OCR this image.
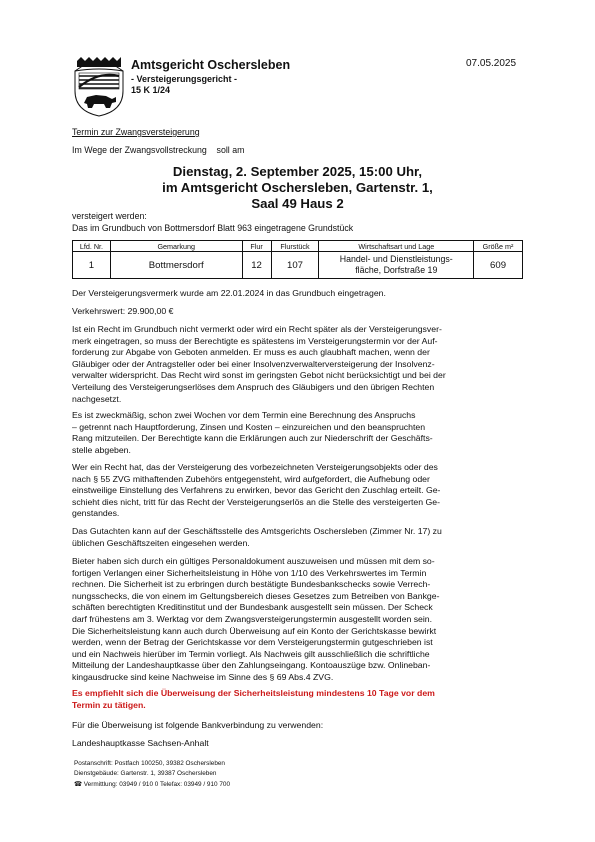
Amtsgericht Oschersleben
- Versteigerungsgericht -
15 K 1/24
07.05.2025
Termin zur Zwangsversteigerung
Im Wege der Zwangsvollstreckung    soll am
Dienstag, 2. September 2025, 15:00 Uhr,
im Amtsgericht Oschersleben, Gartenstr. 1,
Saal 49 Haus 2
versteigert werden:
Das im Grundbuch von Bottmersdorf Blatt 963 eingetragene Grundstück
Lfd. Nr.	Gemarkung	Flur	Flurstück	Wirtschaftsart und Lage	Größe m²
1	Bottmersdorf	12	107	Handel- und Dienstleistungs-
fläche, Dorfstraße 19	609
Der Versteigerungsvermerk wurde am 22.01.2024 in das Grundbuch eingetragen.
Verkehrswert: 29.900,00 €
Ist ein Recht im Grundbuch nicht vermerkt oder wird ein Recht später als der Versteigerungsver-
merk eingetragen, so muss der Berechtigte es spätestens im Versteigerungstermin vor der Auf-
forderung zur Abgabe von Geboten anmelden. Er muss es auch glaubhaft machen, wenn der
Gläubiger oder der Antragsteller oder bei einer Insolvenzverwalterversteigerung der Insolvenz-
verwalter widerspricht. Das Recht wird sonst im geringsten Gebot nicht berücksichtigt und bei der
Verteilung des Versteigerungserlöses dem Anspruch des Gläubigers und den übrigen Rechten
nachgesetzt.
Es ist zweckmäßig, schon zwei Wochen vor dem Termin eine Berechnung des Anspruchs
– getrennt nach Hauptforderung, Zinsen und Kosten – einzureichen und den beanspruchten
Rang mitzuteilen. Der Berechtigte kann die Erklärungen auch zur Niederschrift der Geschäfts-
stelle abgeben.
Wer ein Recht hat, das der Versteigerung des vorbezeichneten Versteigerungsobjekts oder des
nach § 55 ZVG mithaftenden Zubehörs entgegensteht, wird aufgefordert, die Aufhebung oder
einstweilige Einstellung des Verfahrens zu erwirken, bevor das Gericht den Zuschlag erteilt. Ge-
schieht dies nicht, tritt für das Recht der Versteigerungserlös an die Stelle des versteigerten Ge-
genstandes.
Das Gutachten kann auf der Geschäftsstelle des Amtsgerichts Oschersleben (Zimmer Nr. 17) zu
üblichen Geschäftszeiten eingesehen werden.
Bieter haben sich durch ein gültiges Personaldokument auszuweisen und müssen mit dem so-
fortigen Verlangen einer Sicherheitsleistung in Höhe von 1/10 des Verkehrswertes im Termin
rechnen. Die Sicherheit ist zu erbringen durch bestätigte Bundesbankschecks sowie Verrech-
nungsschecks, die von einem im Geltungsbereich dieses Gesetzes zum Betreiben von Bankge-
schäften berechtigten Kreditinstitut und der Bundesbank ausgestellt sein müssen. Der Scheck
darf frühestens am 3. Werktag vor dem Zwangsversteigerungstermin ausgestellt worden sein.
Die Sicherheitsleistung kann auch durch Überweisung auf ein Konto der Gerichtskasse bewirkt
werden, wenn der Betrag der Gerichtskasse vor dem Versteigerungstermin gutgeschrieben ist
und ein Nachweis hierüber im Termin vorliegt. Als Nachweis gilt ausschließlich die schriftliche
Mitteilung der Landeshauptkasse über den Zahlungseingang. Kontoauszüge bzw. Onlineban-
kingausdrucke sind keine Nachweise im Sinne des § 69 Abs.4 ZVG.
Es empfiehlt sich die Überweisung der Sicherheitsleistung mindestens 10 Tage vor dem
Termin zu tätigen.
Für die Überweisung ist folgende Bankverbindung zu verwenden:
Landeshauptkasse Sachsen-Anhalt
Postanschrift: Postfach 100250, 39382 Oschersleben
Dienstgebäude: Gartenstr. 1, 39387 Oschersleben
☎ Vermittlung: 03949 / 910 0 Telefax: 03949 / 910 700
